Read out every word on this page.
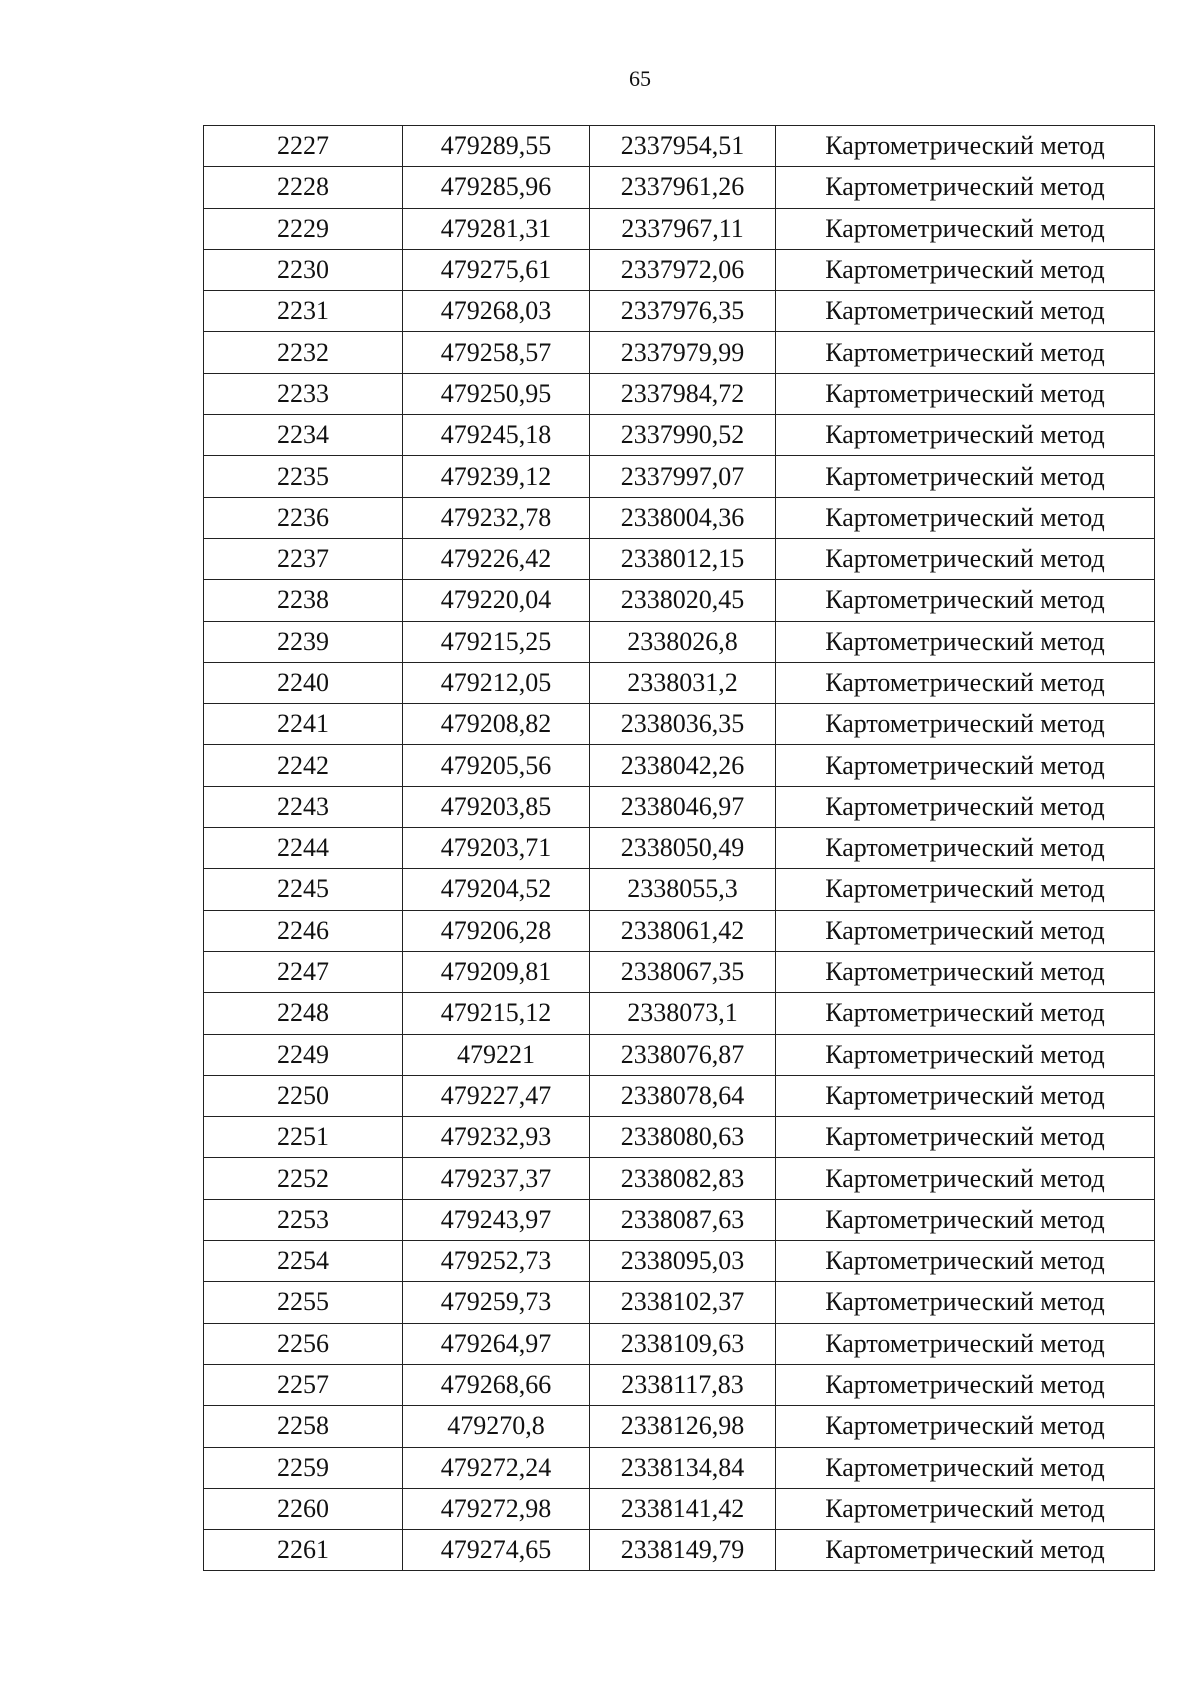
65
2227	479289,55	2337954,51	Картометрический метод
2228	479285,96	2337961,26	Картометрический метод
2229	479281,31	2337967,11	Картометрический метод
2230	479275,61	2337972,06	Картометрический метод
2231	479268,03	2337976,35	Картометрический метод
2232	479258,57	2337979,99	Картометрический метод
2233	479250,95	2337984,72	Картометрический метод
2234	479245,18	2337990,52	Картометрический метод
2235	479239,12	2337997,07	Картометрический метод
2236	479232,78	2338004,36	Картометрический метод
2237	479226,42	2338012,15	Картометрический метод
2238	479220,04	2338020,45	Картометрический метод
2239	479215,25	2338026,8	Картометрический метод
2240	479212,05	2338031,2	Картометрический метод
2241	479208,82	2338036,35	Картометрический метод
2242	479205,56	2338042,26	Картометрический метод
2243	479203,85	2338046,97	Картометрический метод
2244	479203,71	2338050,49	Картометрический метод
2245	479204,52	2338055,3	Картометрический метод
2246	479206,28	2338061,42	Картометрический метод
2247	479209,81	2338067,35	Картометрический метод
2248	479215,12	2338073,1	Картометрический метод
2249	479221	2338076,87	Картометрический метод
2250	479227,47	2338078,64	Картометрический метод
2251	479232,93	2338080,63	Картометрический метод
2252	479237,37	2338082,83	Картометрический метод
2253	479243,97	2338087,63	Картометрический метод
2254	479252,73	2338095,03	Картометрический метод
2255	479259,73	2338102,37	Картометрический метод
2256	479264,97	2338109,63	Картометрический метод
2257	479268,66	2338117,83	Картометрический метод
2258	479270,8	2338126,98	Картометрический метод
2259	479272,24	2338134,84	Картометрический метод
2260	479272,98	2338141,42	Картометрический метод
2261	479274,65	2338149,79	Картометрический метод
